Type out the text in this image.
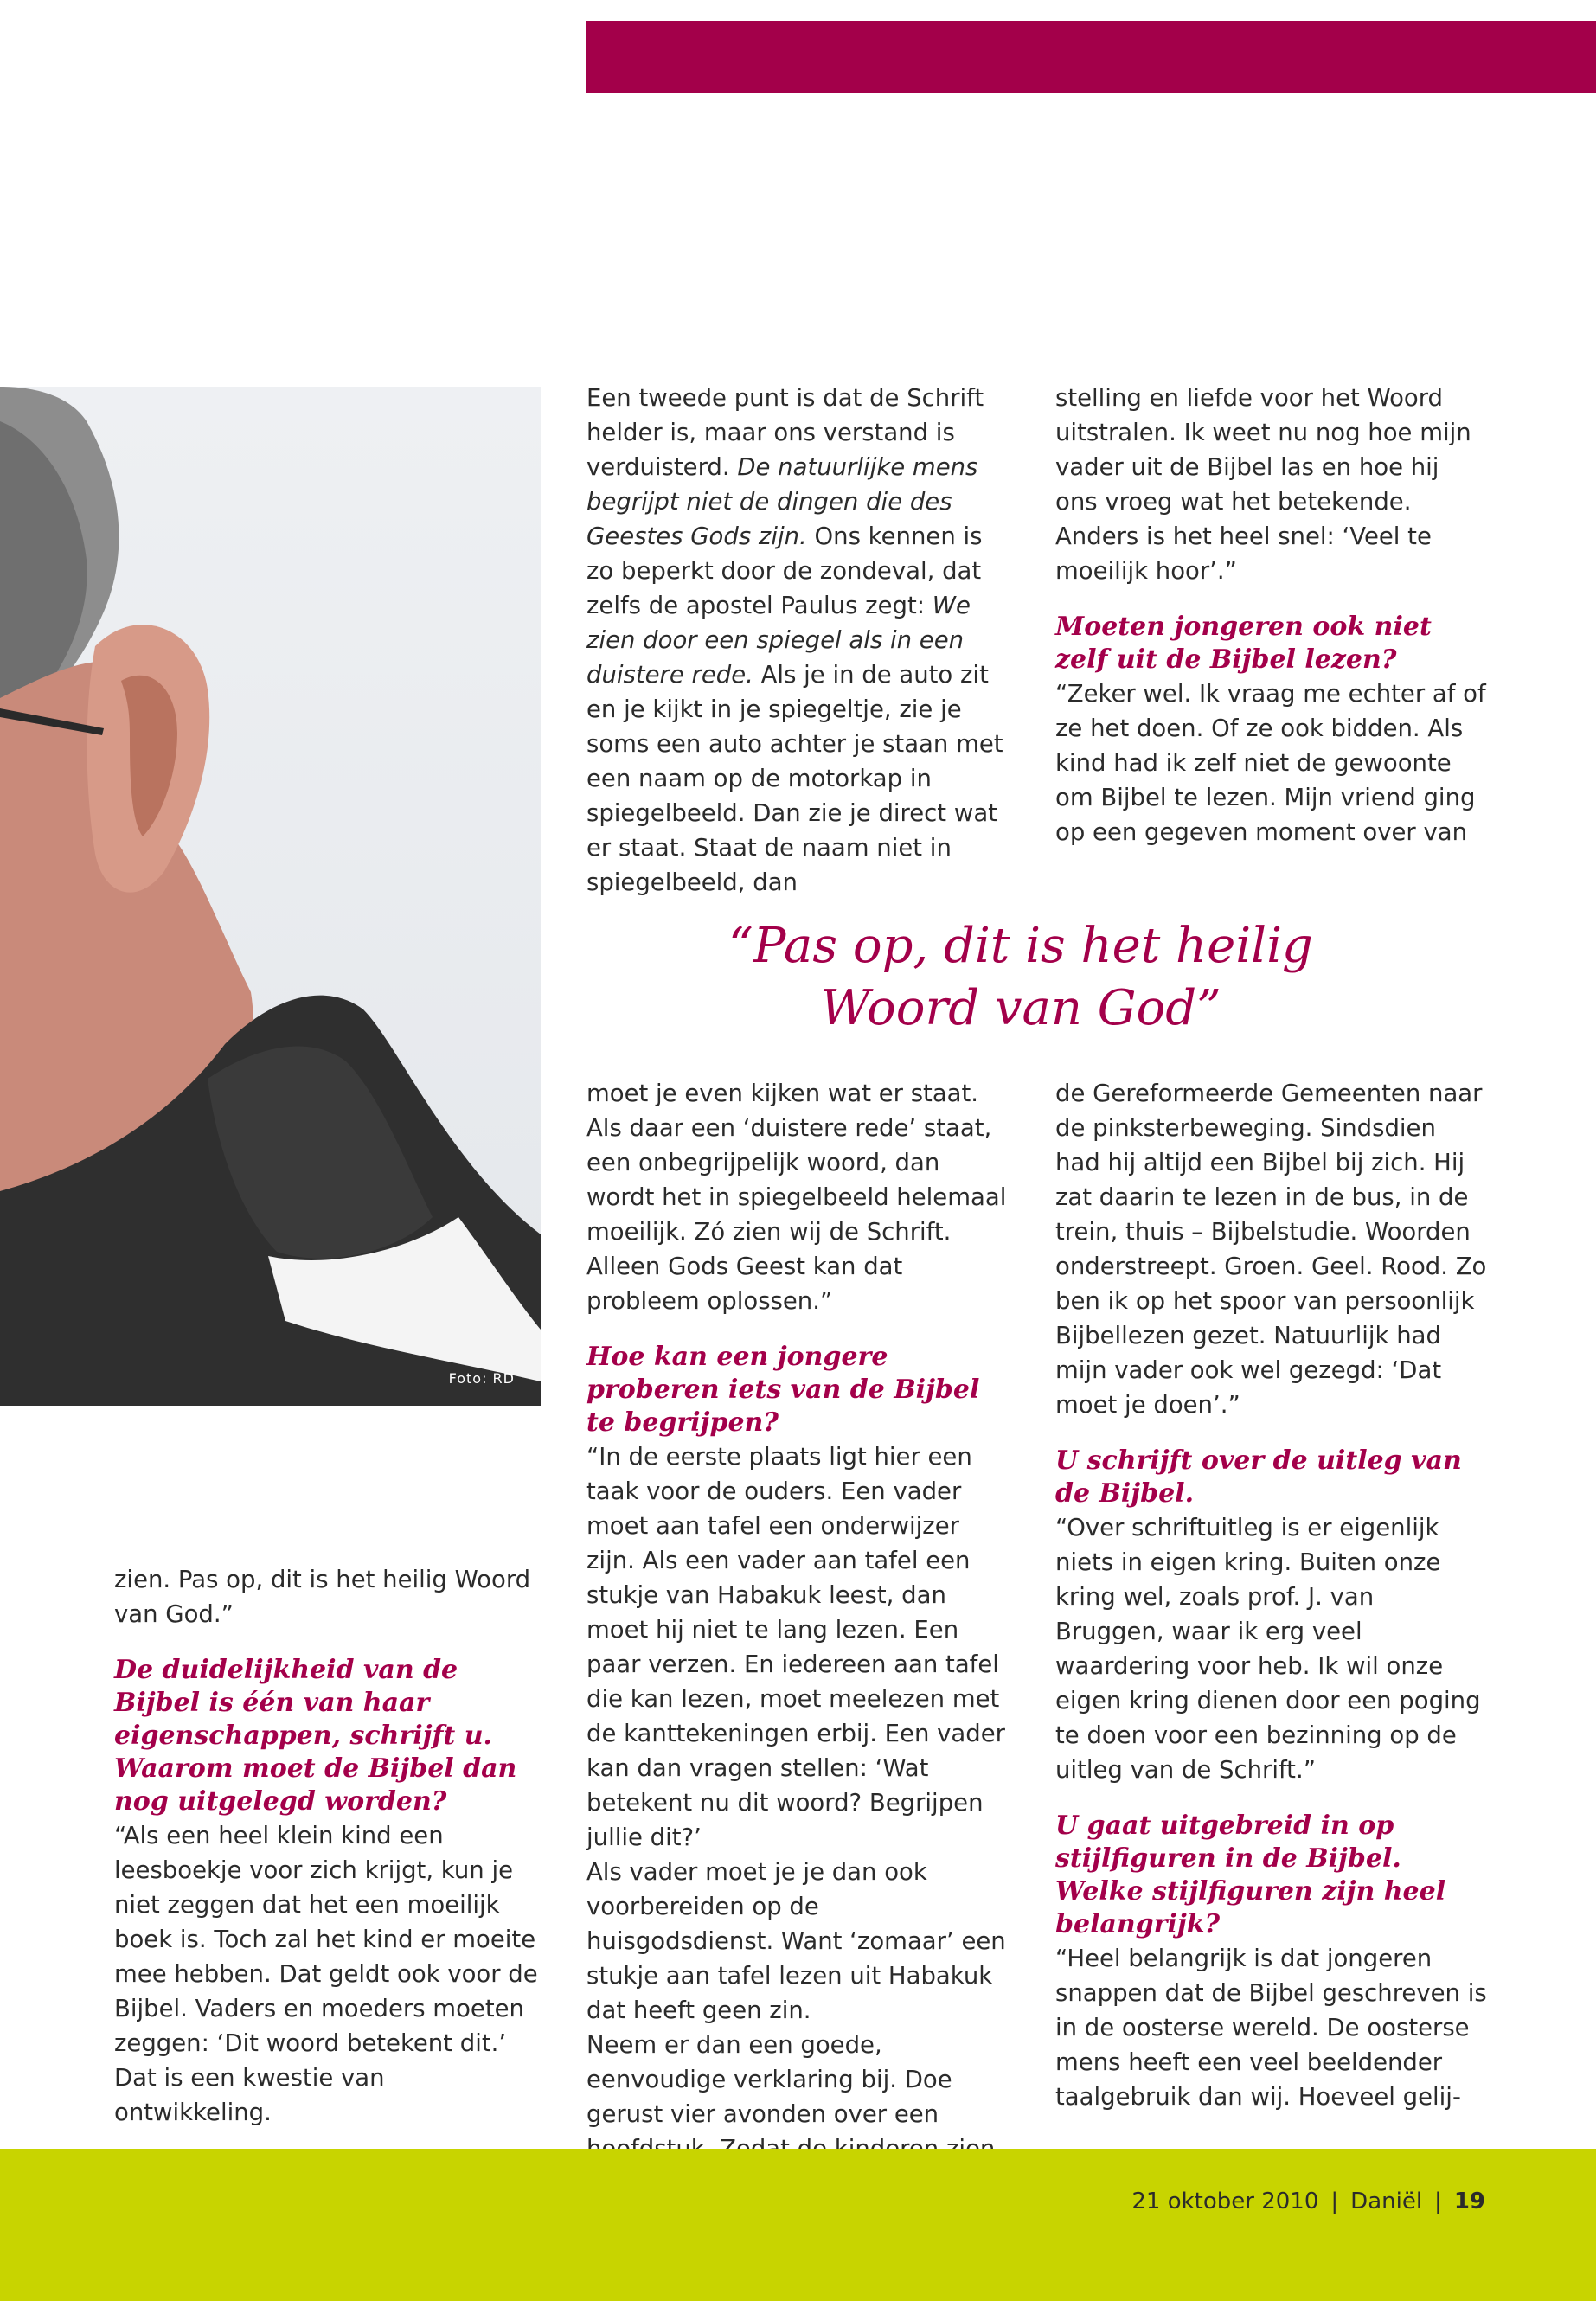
Foto: RD

Een tweede punt is dat de Schrift helder is, maar ons verstand is verduisterd. De natuurlijke mens begrijpt niet de dingen die des Geestes Gods zijn. Ons kennen is zo beperkt door de zondeval, dat zelfs de apostel Paulus zegt: We zien door een spiegel als in een duistere rede. Als je in de auto zit en je kijkt in je spiegeltje, zie je soms een auto achter je staan met een naam op de motorkap in spiegelbeeld. Dan zie je direct wat er staat. Staat de naam niet in spiegelbeeld, dan

stelling en liefde voor het Woord uitstralen. Ik weet nu nog hoe mijn vader uit de Bijbel las en hoe hij ons vroeg wat het betekende. Anders is het heel snel: ‘Veel te moeilijk hoor’.”

Moeten jongeren ook niet zelf uit de Bijbel lezen?

“Zeker wel. Ik vraag me echter af of ze het doen. Of ze ook bidden. Als kind had ik zelf niet de gewoonte om Bijbel te lezen. Mijn vriend ging op een gegeven moment over van

“Pas op, dit is het heilig
Woord van God”

zien. Pas op, dit is het heilig Woord van God.”

De duidelijkheid van de Bijbel is één van haar eigenschappen, schrijft u. Waarom moet de Bijbel dan nog uitgelegd worden?

“Als een heel klein kind een leesboekje voor zich krijgt, kun je niet zeggen dat het een moeilijk boek is. Toch zal het kind er moeite mee hebben. Dat geldt ook voor de Bijbel. Vaders en moeders moeten zeggen: ‘Dit woord betekent dit.’ Dat is een kwestie van ontwikkeling.

moet je even kijken wat er staat. Als daar een ‘duistere rede’ staat, een onbegrijpelijk woord, dan wordt het in spiegelbeeld helemaal moeilijk. Zó zien wij de Schrift. Alleen Gods Geest kan dat probleem oplossen.”

Hoe kan een jongere proberen iets van de Bijbel te begrijpen?

“In de eerste plaats ligt hier een taak voor de ouders. Een vader moet aan tafel een onderwijzer zijn. Als een vader aan tafel een stukje van Habakuk leest, dan moet hij niet te lang lezen. Een paar verzen. En iedereen aan tafel die kan lezen, moet meelezen met de kanttekeningen erbij. Een vader kan dan vragen stellen: ‘Wat betekent nu dit woord? Begrijpen jullie dit?’

Als vader moet je je dan ook voorbereiden op de huisgodsdienst. Want ‘zomaar’ een stukje aan tafel lezen uit Habakuk dat heeft geen zin.

Neem er dan een goede, eenvoudige verklaring bij. Doe gerust vier avonden over een

de Gereformeerde Gemeenten naar de pinksterbeweging. Sindsdien had hij altijd een Bijbel bij zich. Hij zat daarin te lezen in de bus, in de trein, thuis – Bijbelstudie. Woorden onderstreept. Groen. Geel. Rood. Zo ben ik op het spoor van persoonlijk Bijbellezen gezet. Natuurlijk had mijn vader ook wel gezegd: ‘Dat moet je doen’.”

U schrijft over de uitleg van de Bijbel.

“Over schriftuitleg is er eigenlijk niets in eigen kring. Buiten onze kring wel, zoals prof. J. van Bruggen, waar ik erg veel waardering voor heb. Ik wil onze eigen kring dienen door een poging te doen voor een bezinning op de uitleg van de Schrift.”

U gaat uitgebreid in op stijlfiguren in de Bijbel. Welke stijlfiguren zijn heel belangrijk?

“Heel belangrijk is dat jongeren snappen dat de Bijbel geschreven is in de oosterse wereld. De oosterse mens heeft een veel beeldender taalgebruik dan wij. Hoeveel gelij-

21 oktober 2010 | Daniël | 19
